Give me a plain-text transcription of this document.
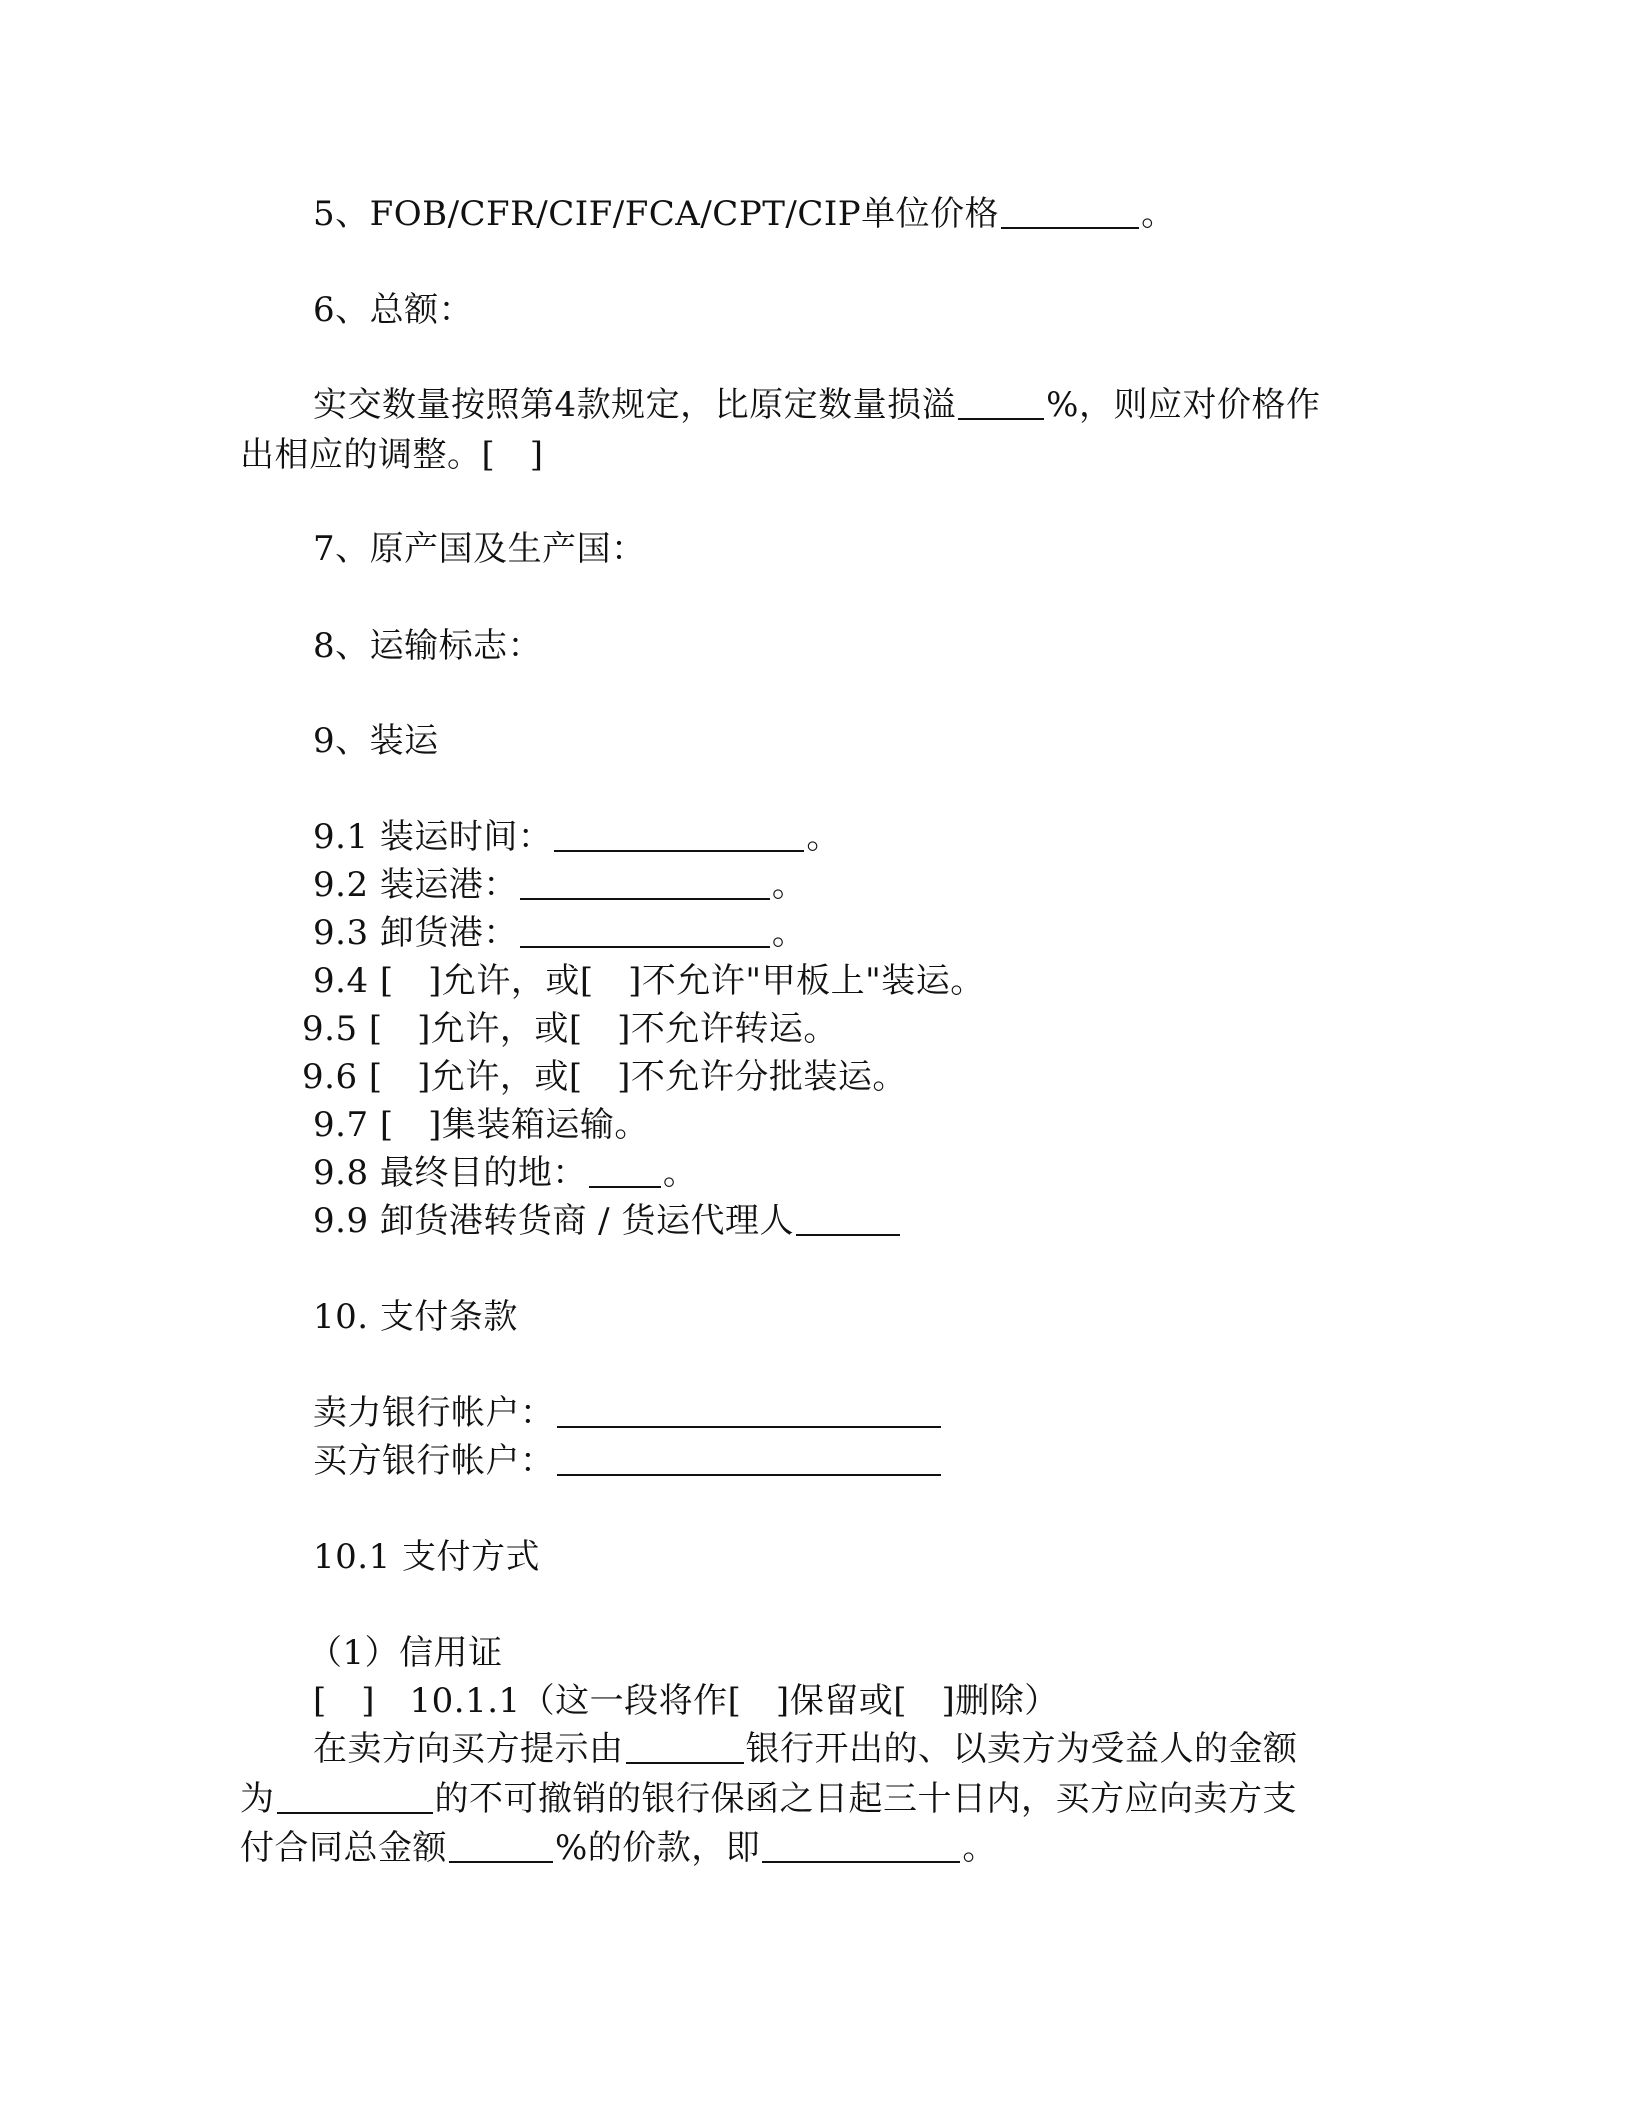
5、FOB/CFR/CIF/FCA/CPT/CIP单位价格	。
6、总额：
实交数量按照第4款规定，比原定数量损溢	%，则应对价格作
出相应的调整。[　]
7、原产国及生产国：
8、运输标志：
9、装运
9.1 装运时间：	。
9.2 装运港：	。
9.3 卸货港：	。
9.4 [　]允许，或[　]不允许"甲板上"装运。
9.5 [　]允许，或[　]不允许转运。
9.6 [　]允许，或[　]不允许分批装运。
9.7 [　]集装箱运输。
9.8 最终目的地： 。
9.9 卸货港转货商 / 货运代理人
10. 支付条款
卖力银行帐户：
买方银行帐户：
10.1 支付方式
（1）信用证
[　]　10.1.1（这一段将作[　]保留或[　]删除）
在卖方向买方提示由	银行开出的、以卖方为受益人的金额
为	的不可撤销的银行保函之日起三十日内，买方应向卖方支
付合同总金额	%的价款，即	。
